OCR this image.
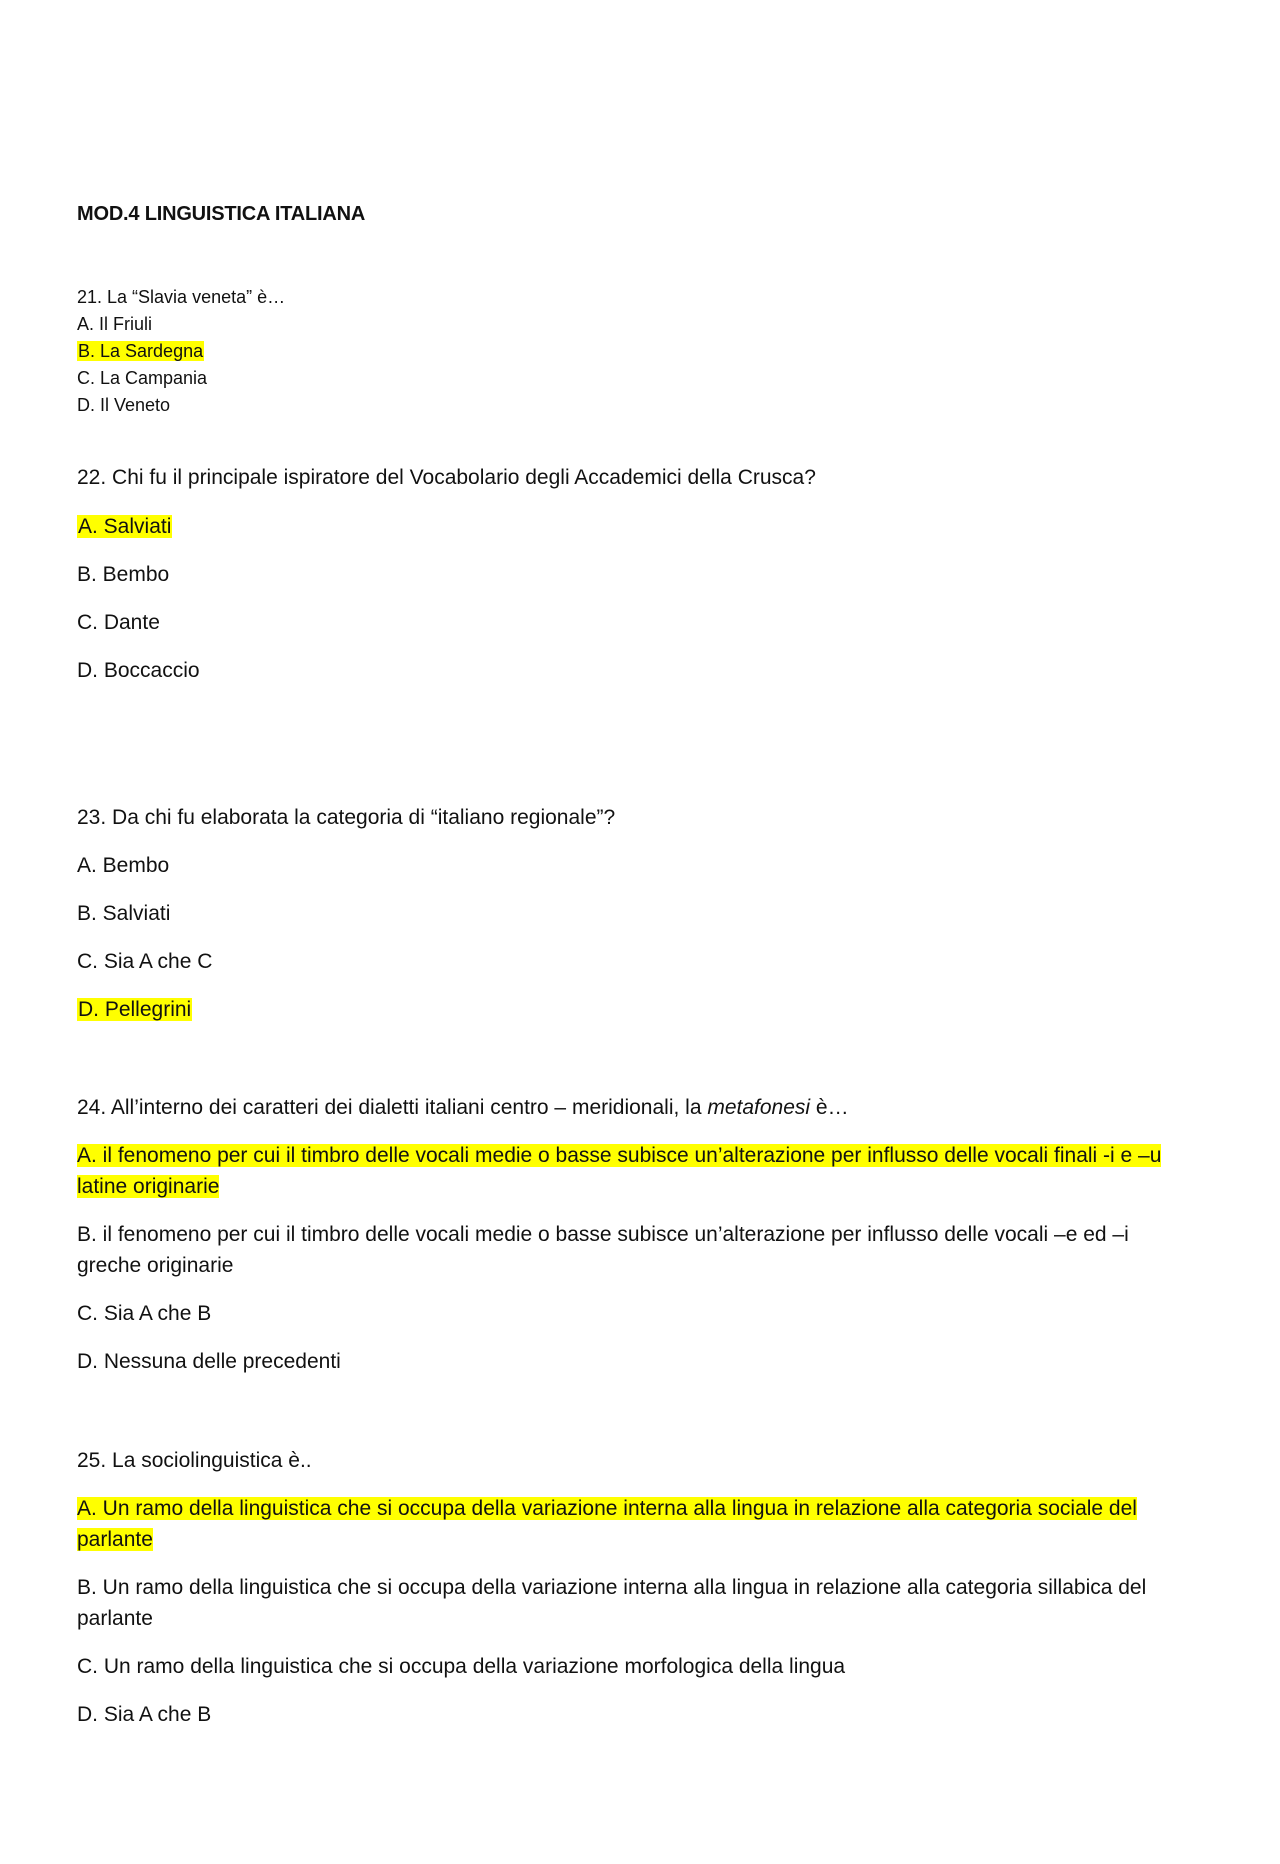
MOD.4 LINGUISTICA ITALIANA
21. La “Slavia veneta” è…
A. Il Friuli
B. La Sardegna
C. La Campania
D. Il Veneto
22. Chi fu il principale ispiratore del Vocabolario degli Accademici della Crusca?
A. Salviati
B. Bembo
C. Dante
D. Boccaccio
23. Da chi fu elaborata la categoria di “italiano regionale”?
A. Bembo
B. Salviati
C. Sia A che C
D. Pellegrini
24. All’interno dei caratteri dei dialetti italiani centro – meridionali, la metafonesi è…
A. il fenomeno per cui il timbro delle vocali medie o basse subisce un’alterazione per influsso delle vocali finali -i e –u latine originarie
B. il fenomeno per cui il timbro delle vocali medie o basse subisce un’alterazione per influsso delle vocali –e ed –i greche originarie
C. Sia A che B
D. Nessuna delle precedenti
25. La sociolinguistica è..
A. Un ramo della linguistica che si occupa della variazione interna alla lingua in relazione alla categoria sociale del parlante
B. Un ramo della linguistica che si occupa della variazione interna alla lingua in relazione alla categoria sillabica del parlante
C. Un ramo della linguistica che si occupa della variazione morfologica della lingua
D. Sia A che B
